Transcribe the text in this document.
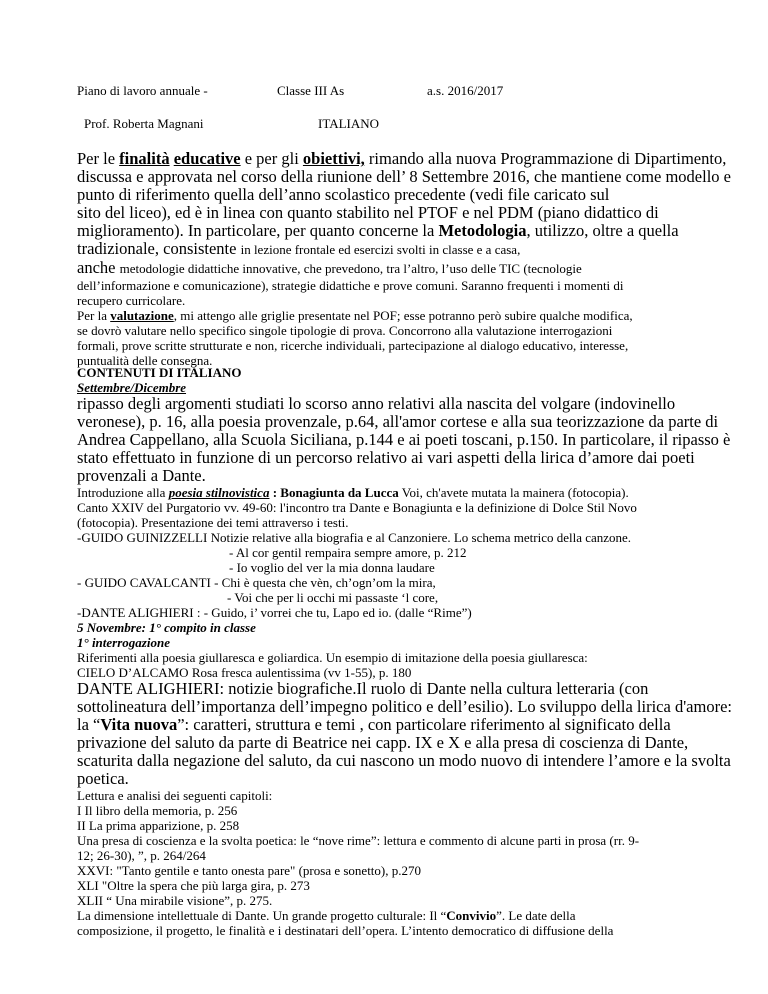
Piano di lavoro annuale -	Classe III As	a.s. 2016/2017
Prof. Roberta Magnani	ITALIANO
Per le finalità educative e per gli obiettivi, rimando alla nuova Programmazione di Dipartimento,
discussa e approvata nel corso della riunione dell’ 8 Settembre 2016, che mantiene come modello e
punto di riferimento quella dell’anno scolastico precedente (vedi file caricato sul
sito del liceo), ed è in linea con quanto stabilito nel PTOF e nel PDM (piano didattico di
miglioramento). In particolare, per quanto concerne la Metodologia, utilizzo, oltre a quella
tradizionale, consistente in lezione frontale ed esercizi svolti in classe e a casa,
anche metodologie didattiche innovative, che prevedono, tra l’altro, l’uso delle TIC (tecnologie
dell’informazione e comunicazione), strategie didattiche e prove comuni. Saranno frequenti i momenti di
recupero curricolare.
Per la valutazione, mi attengo alle griglie presentate nel POF; esse potranno però subire qualche modifica,
se dovrò valutare nello specifico singole tipologie di prova. Concorrono alla valutazione interrogazioni
formali, prove scritte strutturate e non, ricerche individuali, partecipazione al dialogo educativo, interesse,
puntualità delle consegna.
CONTENUTI DI ITALIANO
Settembre/Dicembre
ripasso degli argomenti studiati lo scorso anno relativi alla nascita del volgare (indovinello
veronese), p. 16, alla poesia provenzale, p.64, all'amor cortese e alla sua teorizzazione da parte di
Andrea Cappellano, alla Scuola Siciliana, p.144 e ai poeti toscani, p.150. In particolare, il ripasso è
stato effettuato in funzione di un percorso relativo ai vari aspetti della lirica d’amore dai poeti
provenzali a Dante.
Introduzione alla poesia stilnovistica : Bonagiunta da Lucca Voi, ch'avete mutata la mainera (fotocopia).
Canto XXIV del Purgatorio vv. 49-60: l'incontro tra Dante e Bonagiunta e la definizione di Dolce Stil Novo
(fotocopia). Presentazione dei temi attraverso i testi.
-GUIDO GUINIZZELLI Notizie relative alla biografia e al Canzoniere. Lo schema metrico della canzone.
- Al cor gentil rempaira sempre amore, p. 212
- Io voglio del ver la mia donna laudare
- GUIDO CAVALCANTI - Chi è questa che vèn, ch’ogn’om la mira,
- Voi che per li occhi mi passaste ‘l core,
-DANTE ALIGHIERI : - Guido, i’ vorrei che tu, Lapo ed io. (dalle “Rime”)
5 Novembre: 1° compito in classe
1° interrogazione
Riferimenti alla poesia giullaresca e goliardica. Un esempio di imitazione della poesia giullaresca:
CIELO D’ALCAMO Rosa fresca aulentissima (vv 1-55), p. 180
DANTE ALIGHIERI: notizie biografiche.Il ruolo di Dante nella cultura letteraria (con
sottolineatura dell’importanza dell’impegno politico e dell’esilio). Lo sviluppo della lirica d'amore:
la “Vita nuova”: caratteri, struttura e temi , con particolare riferimento al significato della
privazione del saluto da parte di Beatrice nei capp. IX e X e alla presa di coscienza di Dante,
scaturita dalla negazione del saluto, da cui nascono un modo nuovo di intendere l’amore e la svolta
poetica.
Lettura e analisi dei seguenti capitoli:
I Il libro della memoria, p. 256
II La prima apparizione, p. 258
Una presa di coscienza e la svolta poetica: le “nove rime”: lettura e commento di alcune parti in prosa (rr. 9-
12; 26-30), ”, p. 264/264
XXVI: "Tanto gentile e tanto onesta pare" (prosa e sonetto), p.270
XLI "Oltre la spera che più larga gira, p. 273
XLII “ Una mirabile visione”, p. 275.
La dimensione intellettuale di Dante. Un grande progetto culturale: Il “Convivio”. Le date della
composizione, il progetto, le finalità e i destinatari dell’opera. L’intento democratico di diffusione della
